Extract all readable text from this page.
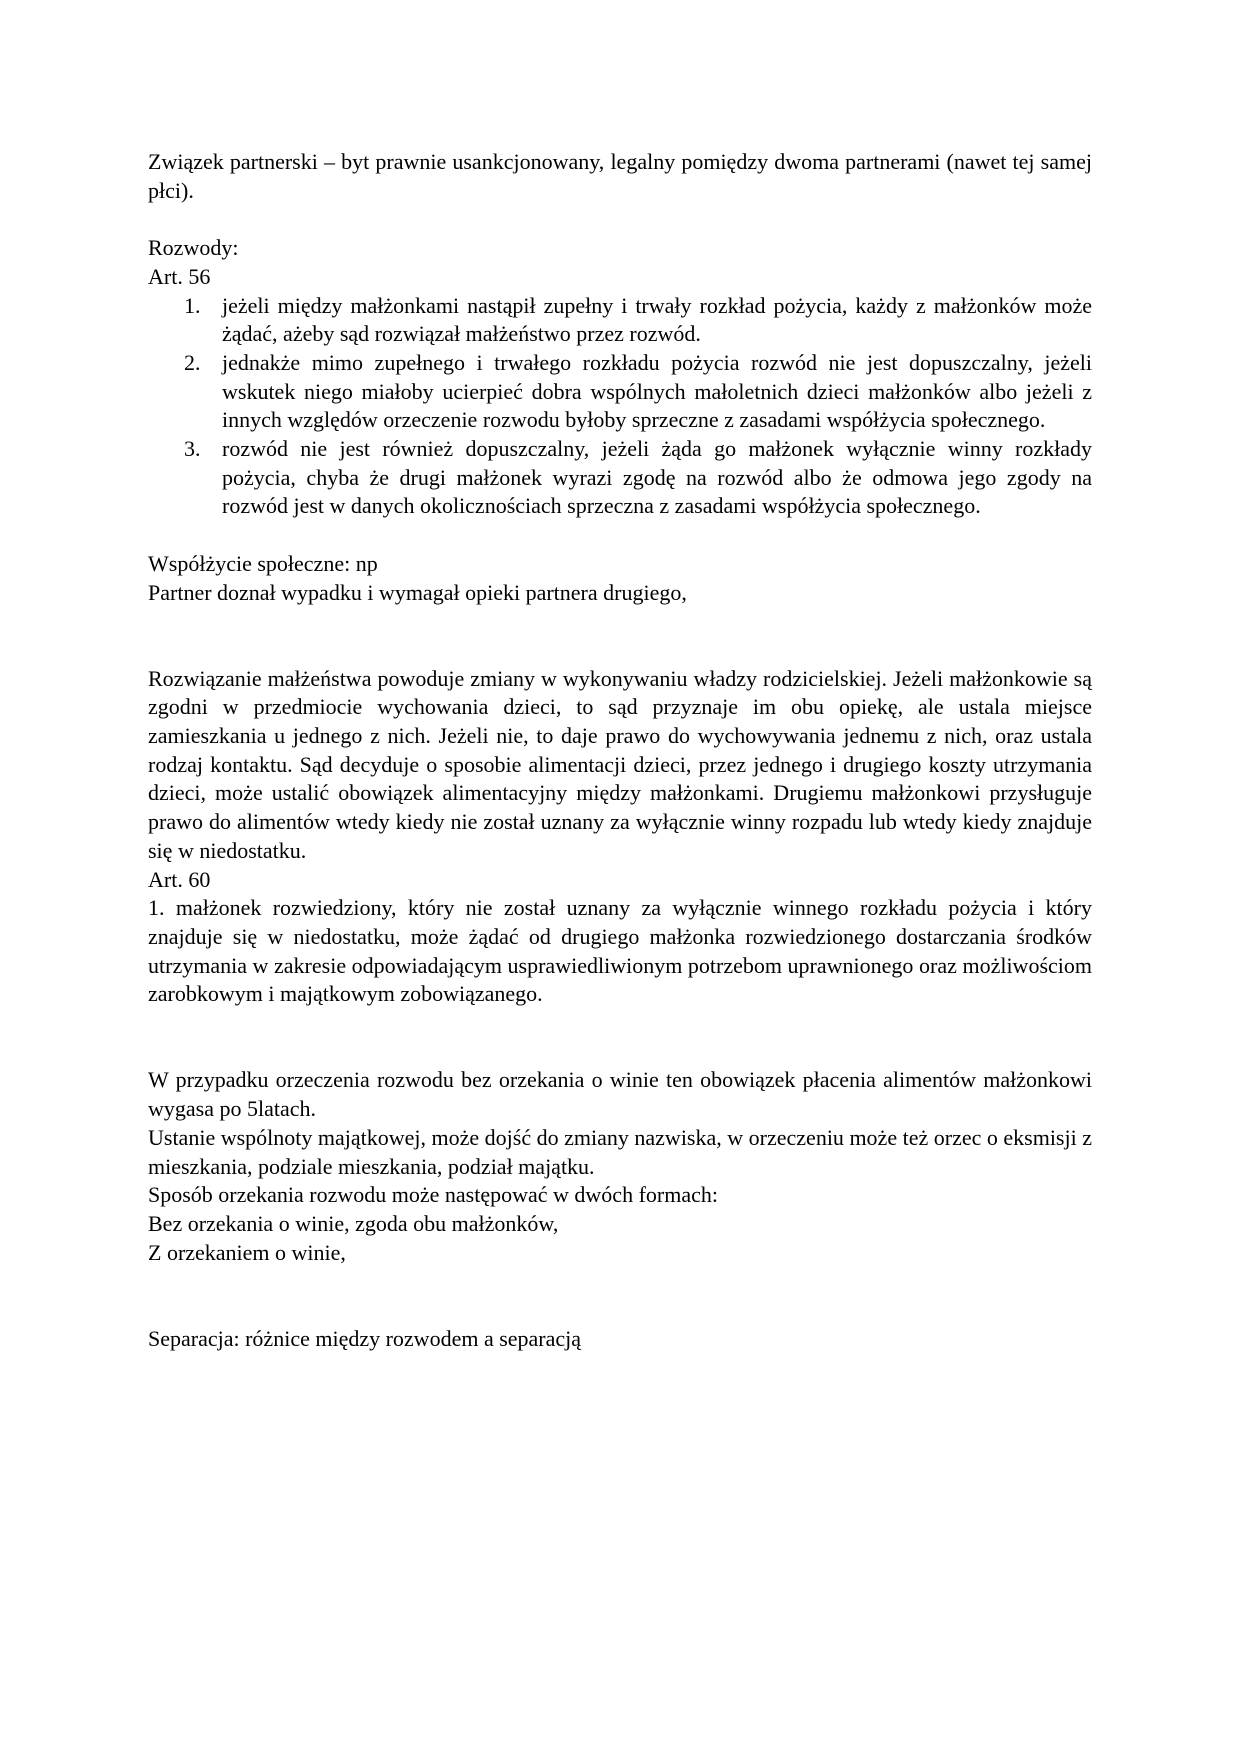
Związek partnerski – byt prawnie usankcjonowany, legalny pomiędzy dwoma partnerami (nawet tej samej płci).

Rozwody:

Art. 56

1. jeżeli między małżonkami nastąpił zupełny i trwały rozkład pożycia, każdy z małżonków może żądać, ażeby sąd rozwiązał małżeństwo przez rozwód.
2. jednakże mimo zupełnego i trwałego rozkładu pożycia rozwód nie jest dopuszczalny, jeżeli wskutek niego miałoby ucierpieć dobra wspólnych małoletnich dzieci małżonków albo jeżeli z innych względów orzeczenie rozwodu byłoby sprzeczne z zasadami współżycia społecznego.
3. rozwód nie jest również dopuszczalny, jeżeli żąda go małżonek wyłącznie winny rozkłady pożycia, chyba że drugi małżonek wyrazi zgodę na rozwód albo że odmowa jego zgody na rozwód jest w danych okolicznościach sprzeczna z zasadami współżycia społecznego.

Współżycie społeczne: np

Partner doznał wypadku i wymagał opieki partnera drugiego,

Rozwiązanie małżeństwa powoduje zmiany w wykonywaniu władzy rodzicielskiej. Jeżeli małżonkowie są zgodni w przedmiocie wychowania dzieci, to sąd przyznaje im obu opiekę, ale ustala miejsce zamieszkania u jednego z nich. Jeżeli nie, to daje prawo do wychowywania jednemu z nich, oraz ustala rodzaj kontaktu. Sąd decyduje o sposobie alimentacji dzieci, przez jednego i drugiego koszty utrzymania dzieci, może ustalić obowiązek alimentacyjny między małżonkami. Drugiemu małżonkowi przysługuje prawo do alimentów wtedy kiedy nie został uznany za wyłącznie winny rozpadu lub wtedy kiedy znajduje się w niedostatku.

Art. 60

1. małżonek rozwiedziony, który nie został uznany za wyłącznie winnego rozkładu pożycia i który znajduje się w niedostatku, może żądać od drugiego małżonka rozwiedzionego dostarczania środków utrzymania w zakresie odpowiadającym usprawiedliwionym potrzebom uprawnionego oraz możliwościom zarobkowym i majątkowym zobowiązanego.

W przypadku orzeczenia rozwodu bez orzekania o winie ten obowiązek płacenia alimentów małżonkowi wygasa po 5latach.

Ustanie wspólnoty majątkowej, może dojść do zmiany nazwiska, w orzeczeniu może też orzec o eksmisji z mieszkania, podziale mieszkania, podział majątku.

Sposób orzekania rozwodu może następować w dwóch formach:

Bez orzekania o winie, zgoda obu małżonków,

Z orzekaniem o winie,

Separacja: różnice między rozwodem a separacją
